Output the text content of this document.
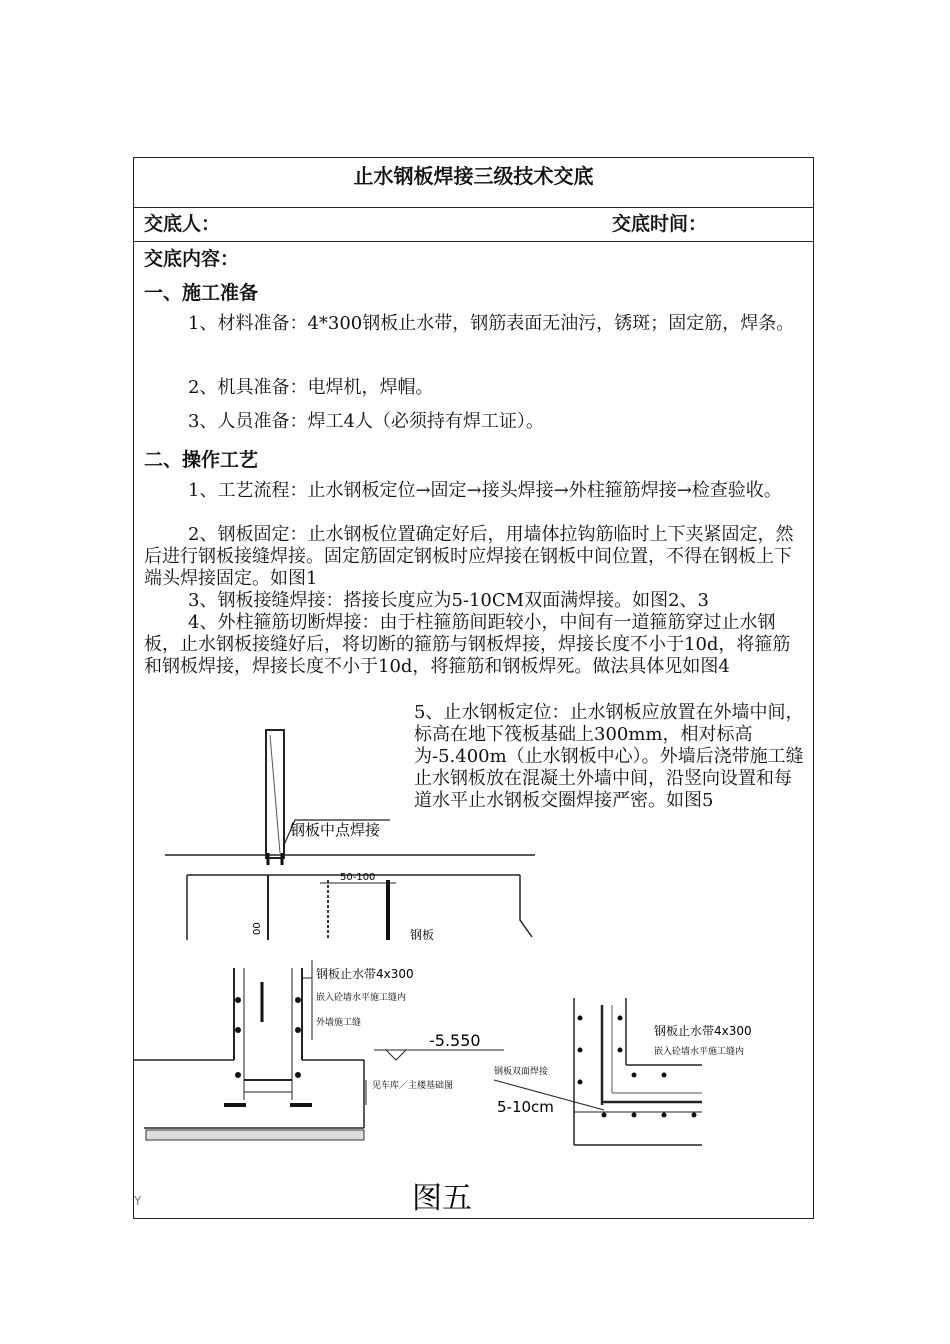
止水钢板焊接三级技术交底
交底人：	交底时间：
交底内容：
一、施工准备
1、材料准备：4*300钢板止水带，钢筋表面无油污，锈斑；固定筋，焊条。
2、机具准备：电焊机，焊帽。
3、人员准备：焊工4人（必须持有焊工证）。
二、操作工艺
1、工艺流程：止水钢板定位→固定→接头焊接→外柱箍筋焊接→检查验收。
2、钢板固定：止水钢板位置确定好后，用墙体拉钩筋临时上下夹紧固定，然后进行钢板接缝焊接。固定筋固定钢板时应焊接在钢板中间位置，不得在钢板上下端头焊接固定。如图1
3、钢板接缝焊接：搭接长度应为5-10CM双面满焊接。如图2、3
4、外柱箍筋切断焊接：由于柱箍筋间距较小，中间有一道箍筋穿过止水钢板，止水钢板接缝好后，将切断的箍筋与钢板焊接，焊接长度不小于10d，将箍筋和钢板焊接，焊接长度不小于10d，将箍筋和钢板焊死。做法具体见如图4
5、止水钢板定位：止水钢板应放置在外墙中间，标高在地下筏板基础上300mm，相对标高为-5.400m（止水钢板中心）。外墙后浇带施工缝止水钢板放在混凝土外墙中间，沿竖向设置和每道水平止水钢板交圈焊接严密。如图5
钢板中点焊接
50-100
00	钢板
钢板止水带4x300
嵌入砼墙水平施工缝内
外墙施工缝
-5.550
见车库／主楼基础图
钢板止水带4x300
嵌入砼墙水平施工缝内
钢板双面焊接
5-10cm
图五
Y
